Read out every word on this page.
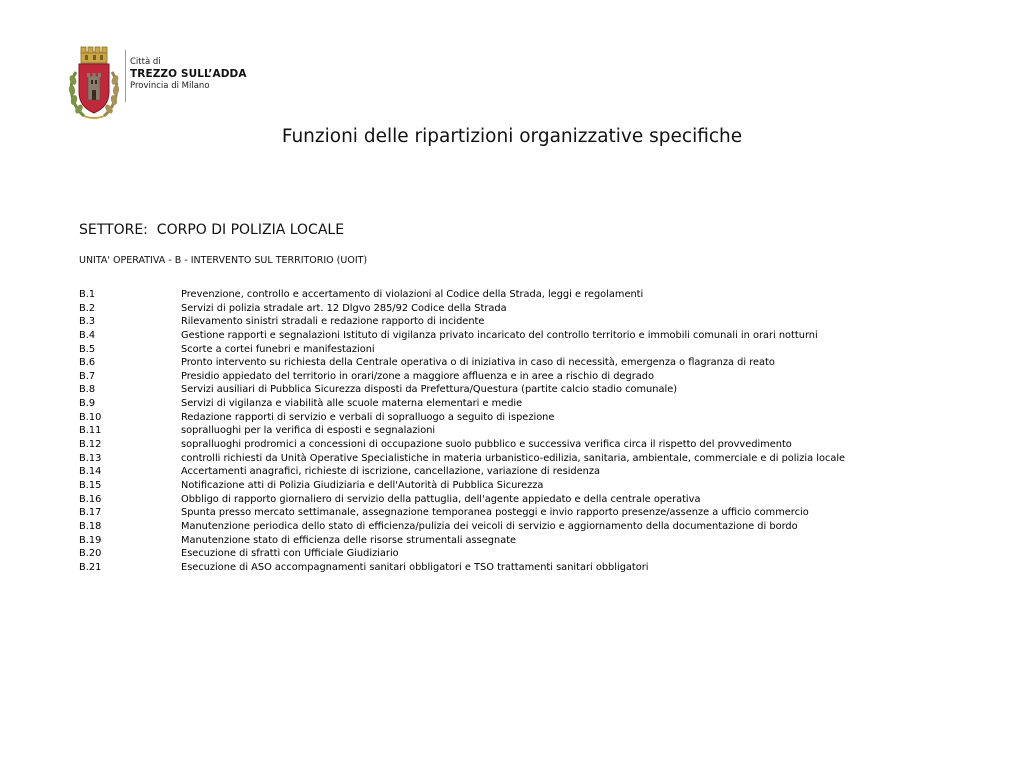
Città di
TREZZO SULL’ADDA
Provincia di Milano
Funzioni delle ripartizioni organizzative specifiche
SETTORE:  CORPO DI POLIZIA LOCALE
UNITA' OPERATIVA - B - INTERVENTO SUL TERRITORIO (UOIT)
B.1	Prevenzione, controllo e accertamento di violazioni al Codice della Strada, leggi e regolamenti
B.2	Servizi di polizia stradale art. 12 Dlgvo 285/92 Codice della Strada
B.3	Rilevamento sinistri stradali e redazione rapporto di incidente
B.4	Gestione rapporti e segnalazioni Istituto di vigilanza privato incaricato del controllo territorio e immobili comunali in orari notturni
B.5	Scorte a cortei funebri e manifestazioni
B.6	Pronto intervento su richiesta della Centrale operativa o di iniziativa in caso di necessità, emergenza o flagranza di reato
B.7	Presidio appiedato del territorio in orari/zone a maggiore affluenza e in aree a rischio di degrado
B.8	Servizi ausiliari di Pubblica Sicurezza disposti da Prefettura/Questura (partite calcio stadio comunale)
B.9	Servizi di vigilanza e viabilità alle scuole materna elementari e medie
B.10	Redazione rapporti di servizio e verbali di sopralluogo a seguito di ispezione
B.11	sopralluoghi per la verifica di esposti e segnalazioni
B.12	sopralluoghi prodromici a concessioni di occupazione suolo pubblico e successiva verifica circa il rispetto del provvedimento
B.13	controlli richiesti da Unità Operative Specialistiche in materia urbanistico-edilizia, sanitaria, ambientale, commerciale e di polizia locale
B.14	Accertamenti anagrafici, richieste di iscrizione, cancellazione, variazione di residenza
B.15	Notificazione atti di Polizia Giudiziaria e dell'Autorità di Pubblica Sicurezza
B.16	Obbligo di rapporto giornaliero di servizio della pattuglia, dell'agente appiedato e della centrale operativa
B.17	Spunta presso mercato settimanale, assegnazione temporanea posteggi e invio rapporto presenze/assenze a ufficio commercio
B.18	Manutenzione periodica dello stato di efficienza/pulizia dei veicoli di servizio e aggiornamento della documentazione di bordo
B.19	Manutenzione stato di efficienza delle risorse strumentali assegnate
B.20	Esecuzione di sfratti con Ufficiale Giudiziario
B.21	Esecuzione di ASO accompagnamenti sanitari obbligatori e TSO trattamenti sanitari obbligatori
